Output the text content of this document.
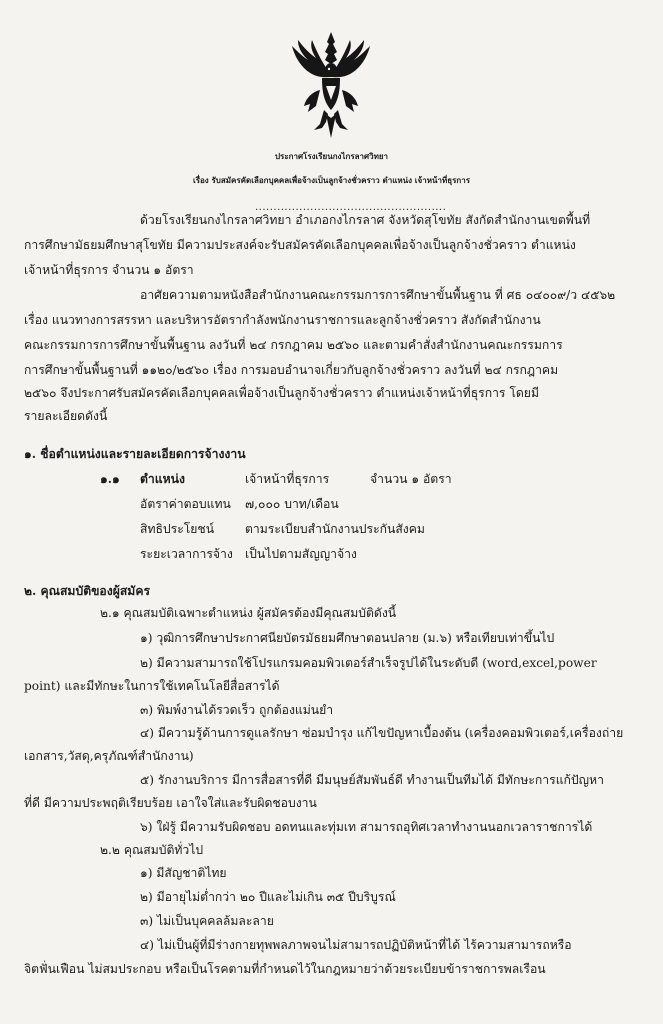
ประกาศโรงเรียนกงไกรลาศวิทยา
เรื่อง รับสมัครคัดเลือกบุคคลเพื่อจ้างเป็นลูกจ้างชั่วคราว ตำแหน่ง เจ้าหน้าที่ธุรการ
....................................................
ด้วยโรงเรียนกงไกรลาศวิทยา อำเภอกงไกรลาศ จังหวัดสุโขทัย สังกัดสำนักงานเขตพื้นที่
การศึกษามัธยมศึกษาสุโขทัย มีความประสงค์จะรับสมัครคัดเลือกบุคคลเพื่อจ้างเป็นลูกจ้างชั่วคราว ตำแหน่ง
เจ้าหน้าที่ธุรการ จำนวน ๑ อัตรา
อาศัยความตามหนังสือสำนักงานคณะกรรมการการศึกษาขั้นพื้นฐาน ที่ ศธ ๐๔๐๐๙/ว ๔๕๖๒
เรื่อง แนวทางการสรรหา และบริหารอัตรากำลังพนักงานราชการและลูกจ้างชั่วคราว สังกัดสำนักงาน
คณะกรรมการการศึกษาขั้นพื้นฐาน ลงวันที่ ๒๔ กรกฎาคม ๒๕๖๐ และตามคำสั่งสำนักงานคณะกรรมการ
การศึกษาขั้นพื้นฐานที่ ๑๑๒๐/๒๕๖๐ เรื่อง การมอบอำนาจเกี่ยวกับลูกจ้างชั่วคราว ลงวันที่ ๒๔ กรกฎาคม
๒๕๖๐ จึงประกาศรับสมัครคัดเลือกบุคคลเพื่อจ้างเป็นลูกจ้างชั่วคราว ตำแหน่งเจ้าหน้าที่ธุรการ โดยมี
รายละเอียดดังนี้
๑. ชื่อตำแหน่งและรายละเอียดการจ้างงาน
๑.๑ ตำแหน่ง	เจ้าหน้าที่ธุรการ	จำนวน ๑ อัตรา
อัตราค่าตอบแทน ๗,๐๐๐ บาท/เดือน
สิทธิประโยชน์	ตามระเบียบสำนักงานประกันสังคม
ระยะเวลาการจ้าง เป็นไปตามสัญญาจ้าง
๒. คุณสมบัติของผู้สมัคร
๒.๑ คุณสมบัติเฉพาะตำแหน่ง ผู้สมัครต้องมีคุณสมบัติดังนี้
๑) วุฒิการศึกษาประกาศนียบัตรมัธยมศึกษาตอนปลาย (ม.๖) หรือเทียบเท่าขึ้นไป
๒) มีความสามารถใช้โปรแกรมคอมพิวเตอร์สำเร็จรูปได้ในระดับดี (word,excel,power
point) และมีทักษะในการใช้เทคโนโลยีสื่อสารได้
๓) พิมพ์งานได้รวดเร็ว ถูกต้องแม่นยำ
๔) มีความรู้ด้านการดูแลรักษา ซ่อมบำรุง แก้ไขปัญหาเบื้องต้น (เครื่องคอมพิวเตอร์,เครื่องถ่าย
เอกสาร,วัสดุ,ครุภัณฑ์สำนักงาน)
๕) รักงานบริการ มีการสื่อสารที่ดี มีมนุษย์สัมพันธ์ดี ทำงานเป็นทีมได้ มีทักษะการแก้ปัญหา
ที่ดี มีความประพฤติเรียบร้อย เอาใจใส่และรับผิดชอบงาน
๖) ใฝ่รู้ มีความรับผิดชอบ อดทนและทุ่มเท สามารถอุทิศเวลาทำงานนอกเวลาราชการได้
๒.๒ คุณสมบัติทั่วไป
๑) มีสัญชาติไทย
๒) มีอายุไม่ต่ำกว่า ๒๐ ปีและไม่เกิน ๓๕ ปีบริบูรณ์
๓) ไม่เป็นบุคคลล้มละลาย
๔) ไม่เป็นผู้ที่มีร่างกายทุพพลภาพจนไม่สามารถปฏิบัติหน้าที่ได้ ไร้ความสามารถหรือ
จิตฟั่นเฟือน ไม่สมประกอบ หรือเป็นโรคตามที่กำหนดไว้ในกฎหมายว่าด้วยระเบียบข้าราชการพลเรือน
